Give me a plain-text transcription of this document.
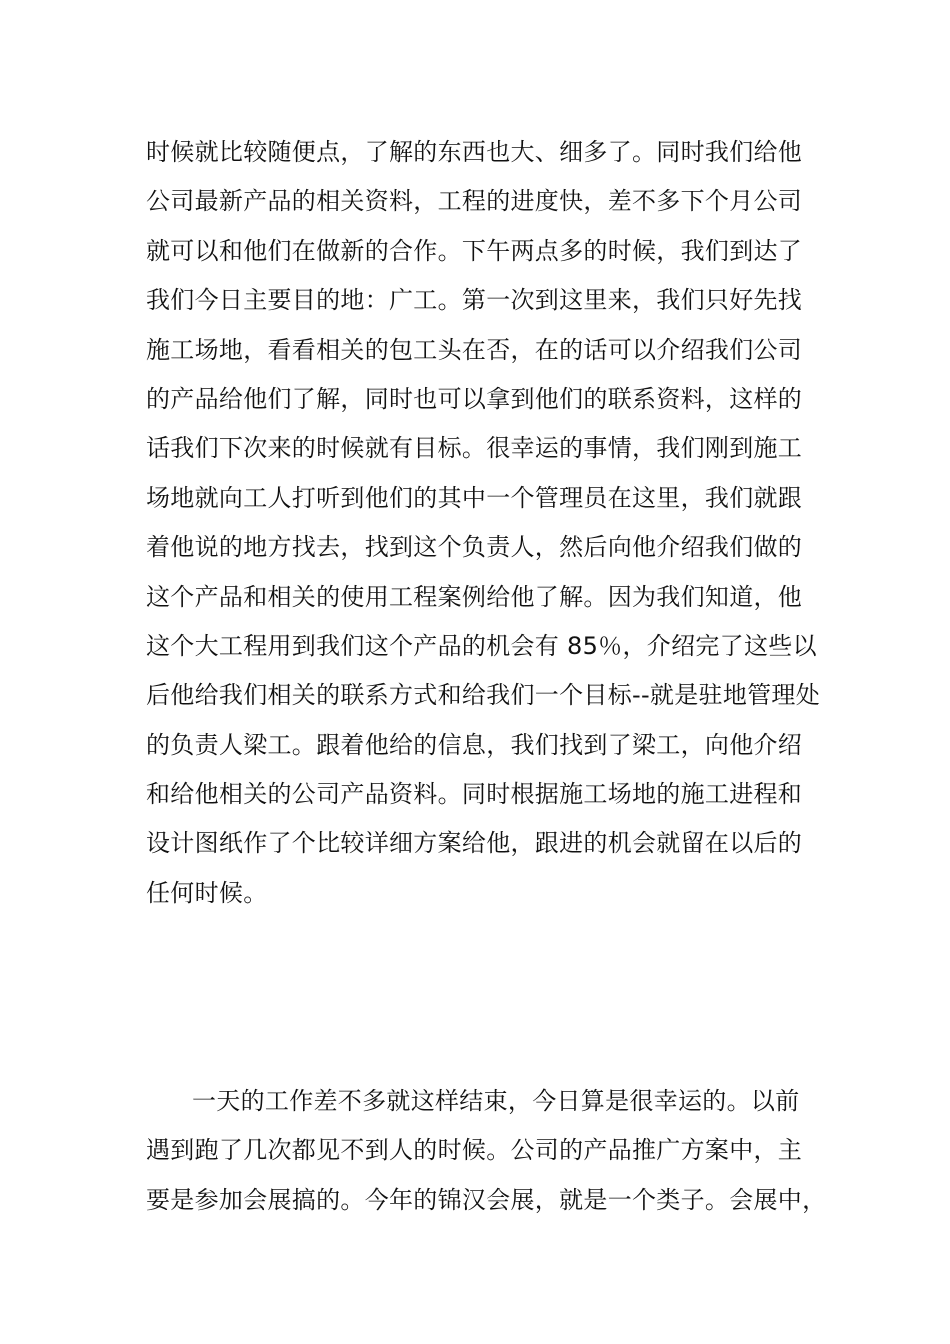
时候就比较随便点，了解的东西也大、细多了。同时我们给他
公司最新产品的相关资料，工程的进度快，差不多下个月公司
就可以和他们在做新的合作。下午两点多的时候，我们到达了
我们今日主要目的地：广工。第一次到这里来，我们只好先找
施工场地，看看相关的包工头在否，在的话可以介绍我们公司
的产品给他们了解，同时也可以拿到他们的联系资料，这样的
话我们下次来的时候就有目标。很幸运的事情，我们刚到施工
场地就向工人打听到他们的其中一个管理员在这里，我们就跟
着他说的地方找去，找到这个负责人，然后向他介绍我们做的
这个产品和相关的使用工程案例给他了解。因为我们知道，他
这个大工程用到我们这个产品的机会有 85％，介绍完了这些以
后他给我们相关的联系方式和给我们一个目标--就是驻地管理处
的负责人梁工。跟着他给的信息，我们找到了梁工，向他介绍
和给他相关的公司产品资料。同时根据施工场地的施工进程和
设计图纸作了个比较详细方案给他，跟进的机会就留在以后的
任何时候。
一天的工作差不多就这样结束，今日算是很幸运的。以前
遇到跑了几次都见不到人的时候。公司的产品推广方案中，主
要是参加会展搞的。今年的锦汉会展，就是一个类子。会展中，
